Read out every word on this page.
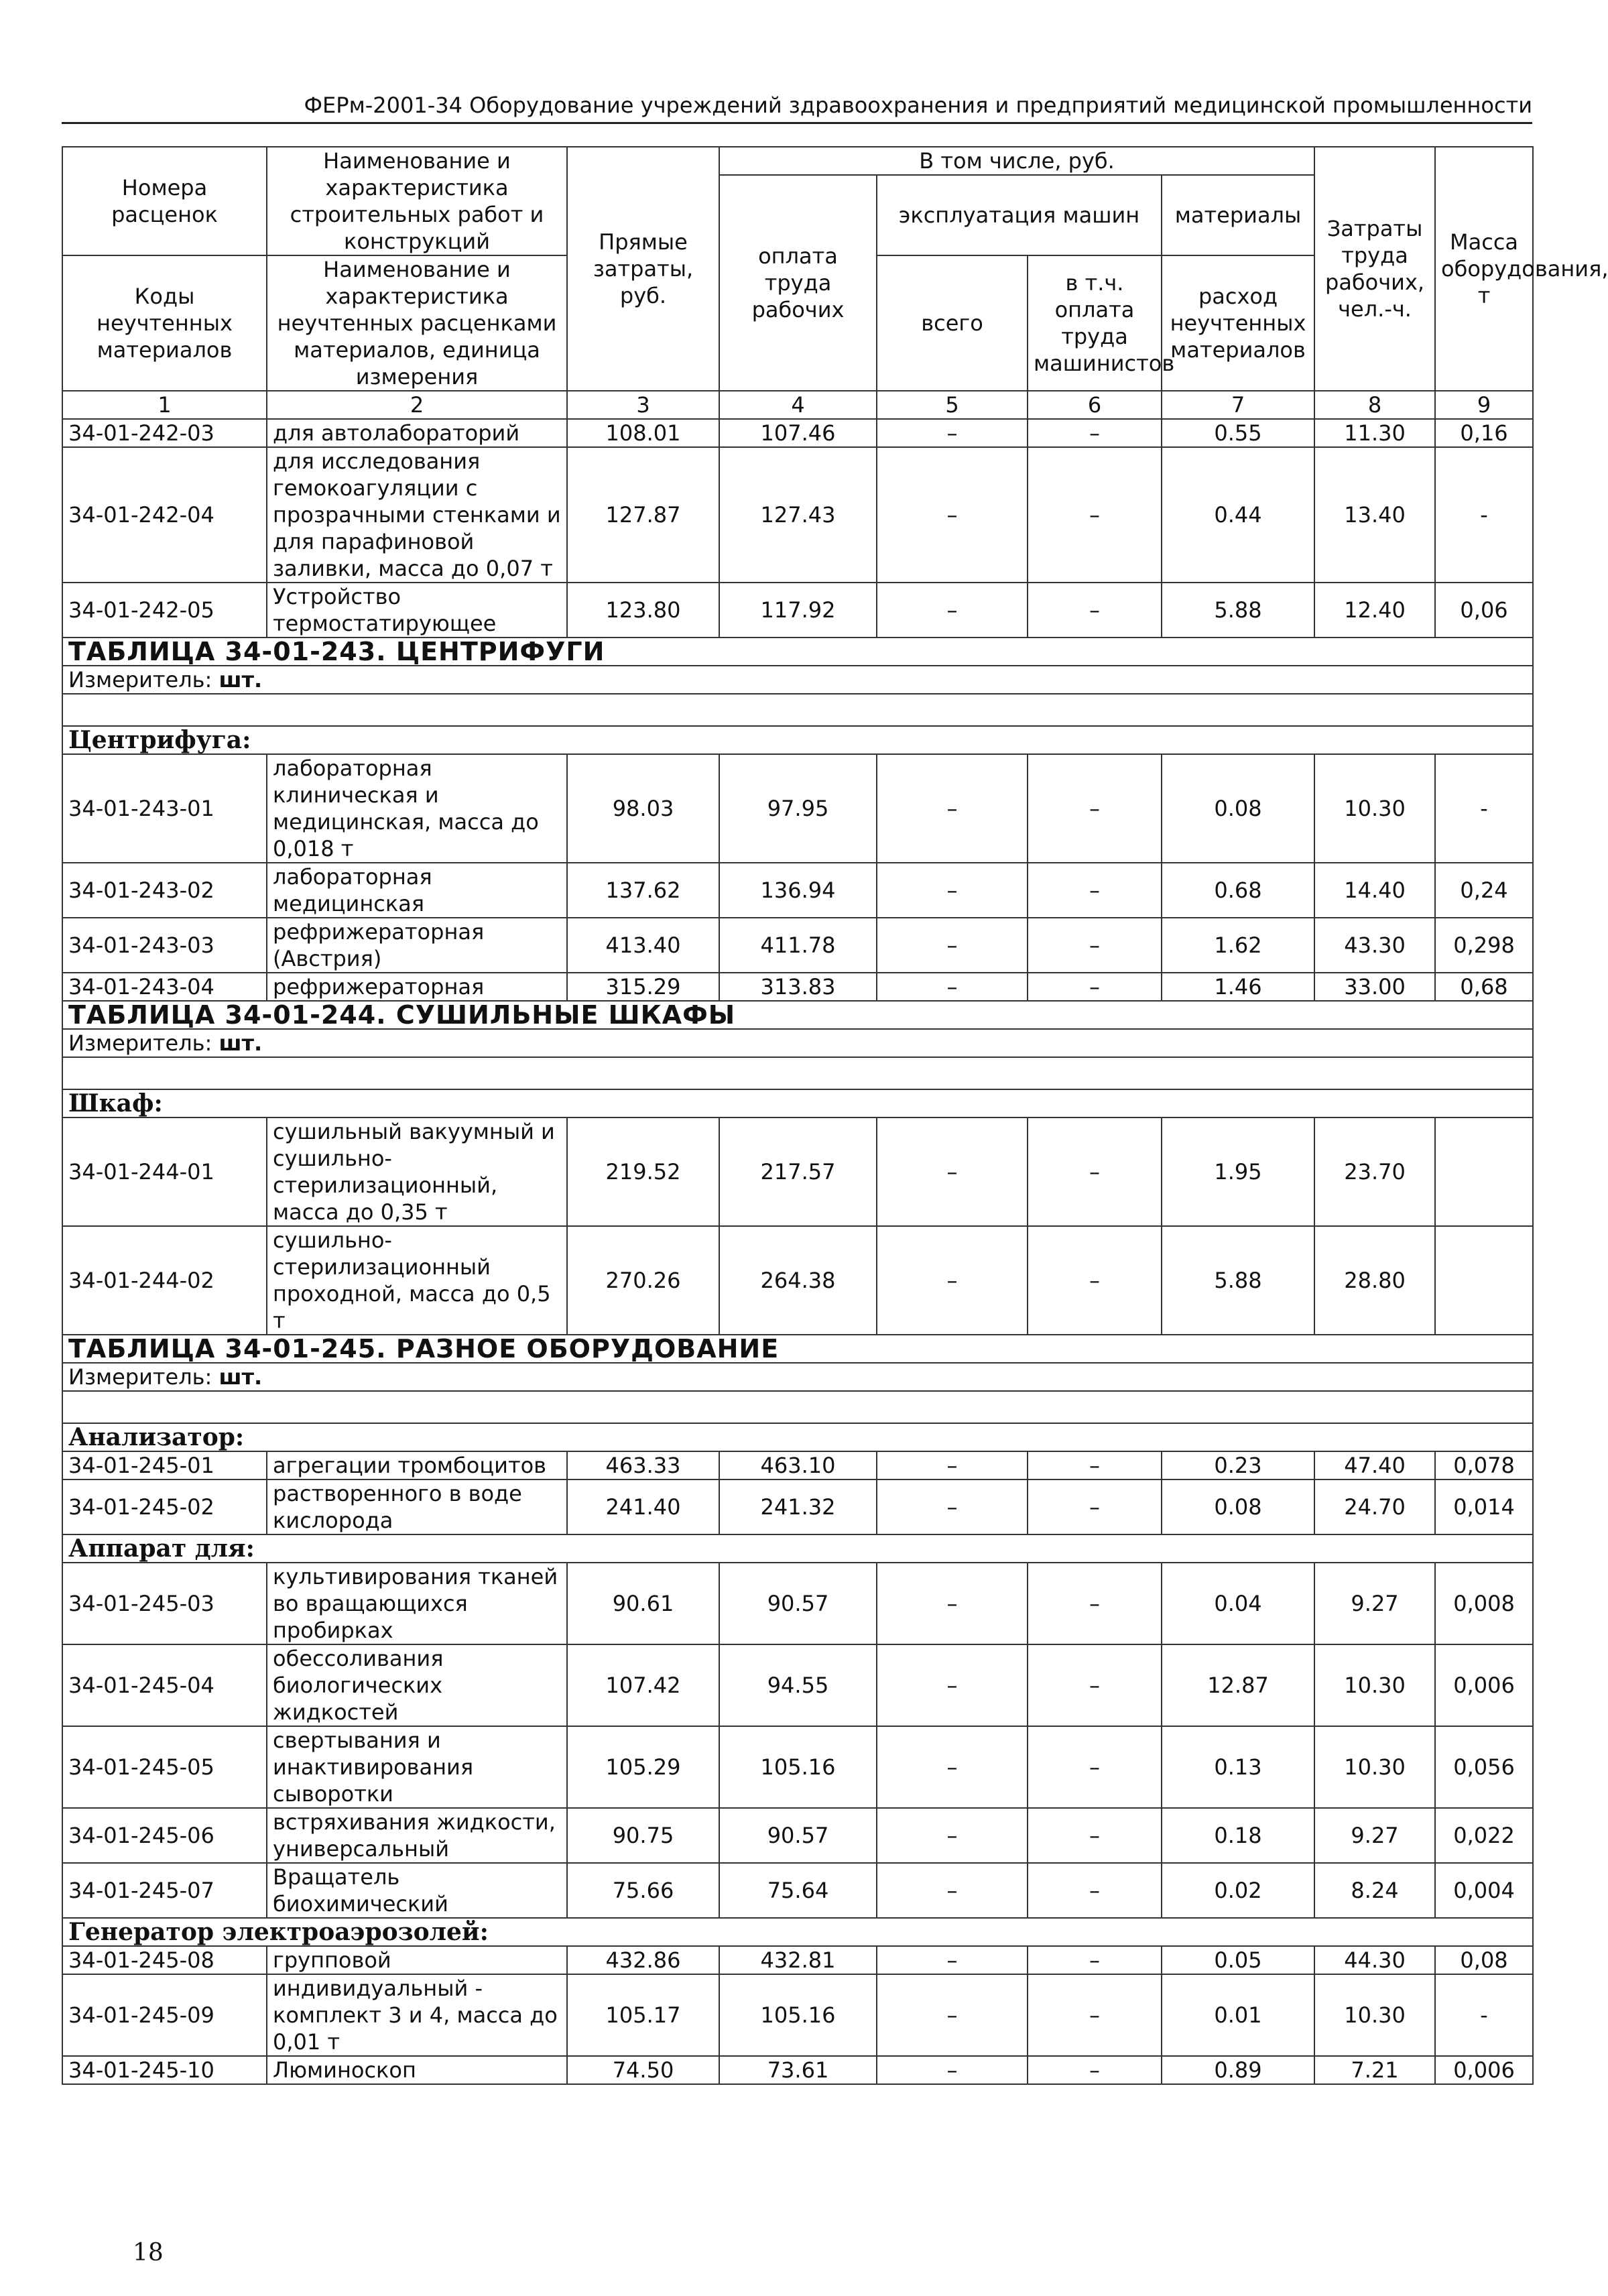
ФЕРм-2001-34 Оборудование учреждений здравоохранения и предприятий медицинской промышленности
Номера расценок	Наименование и характеристика строительных работ и конструкций	Прямые затраты, руб.	В том числе, руб.				Затраты труда рабочих, чел.-ч.	Масса оборудования, т
			оплата труда рабочих	эксплуатация машин		материалы		
Коды неучтенных материалов	Наименование и характеристика неучтенных расценками материалов, единица измерения			всего	в т.ч. оплата труда машинистов	расход неучтенных материалов		

1	2	3	4	5	6	7	8	9
34-01-242-03	для автолабораторий	108.01	107.46	–	–	0.55	11.30	0,16
34-01-242-04	для исследования гемокоагуляции с прозрачными стенками и для парафиновой заливки, масса до 0,07 т	127.87	127.43	–	–	0.44	13.40	-
34-01-242-05	Устройство термостатирующее	123.80	117.92	–	–	5.88	12.40	0,06
ТАБЛИЦА 34-01-243. ЦЕНТРИФУГИ								
Измеритель: шт.								

Центрифуга:								
34-01-243-01	лабораторная клиническая и медицинская, масса до 0,018 т	98.03	97.95	–	–	0.08	10.30	-
34-01-243-02	лабораторная медицинская	137.62	136.94	–	–	0.68	14.40	0,24
34-01-243-03	рефрижераторная (Австрия)	413.40	411.78	–	–	1.62	43.30	0,298
34-01-243-04	рефрижераторная	315.29	313.83	–	–	1.46	33.00	0,68
ТАБЛИЦА 34-01-244. СУШИЛЬНЫЕ ШКАФЫ								
Измеритель: шт.								

Шкаф:								
34-01-244-01	сушильный вакуумный и сушильно-стерилизационный, масса до 0,35 т	219.52	217.57	–	–	1.95	23.70	
34-01-244-02	сушильно-стерилизационный проходной, масса до 0,5 т	270.26	264.38	–	–	5.88	28.80	
ТАБЛИЦА 34-01-245. РАЗНОЕ ОБОРУДОВАНИЕ								
Измеритель: шт.								

Анализатор:								
34-01-245-01	агрегации тромбоцитов	463.33	463.10	–	–	0.23	47.40	0,078
34-01-245-02	растворенного в воде кислорода	241.40	241.32	–	–	0.08	24.70	0,014
Аппарат для:								
34-01-245-03	культивирования тканей во вращающихся пробирках	90.61	90.57	–	–	0.04	9.27	0,008
34-01-245-04	обессоливания биологических жидкостей	107.42	94.55	–	–	12.87	10.30	0,006
34-01-245-05	свертывания и инактивирования сыворотки	105.29	105.16	–	–	0.13	10.30	0,056
34-01-245-06	встряхивания жидкости, универсальный	90.75	90.57	–	–	0.18	9.27	0,022
34-01-245-07	Вращатель биохимический	75.66	75.64	–	–	0.02	8.24	0,004
Генератор электроаэрозолей:								
34-01-245-08	групповой	432.86	432.81	–	–	0.05	44.30	0,08
34-01-245-09	индивидуальный - комплект 3 и 4, масса до 0,01 т	105.17	105.16	–	–	0.01	10.30	-
34-01-245-10	Люминоскоп	74.50	73.61	–	–	0.89	7.21	0,006
18
